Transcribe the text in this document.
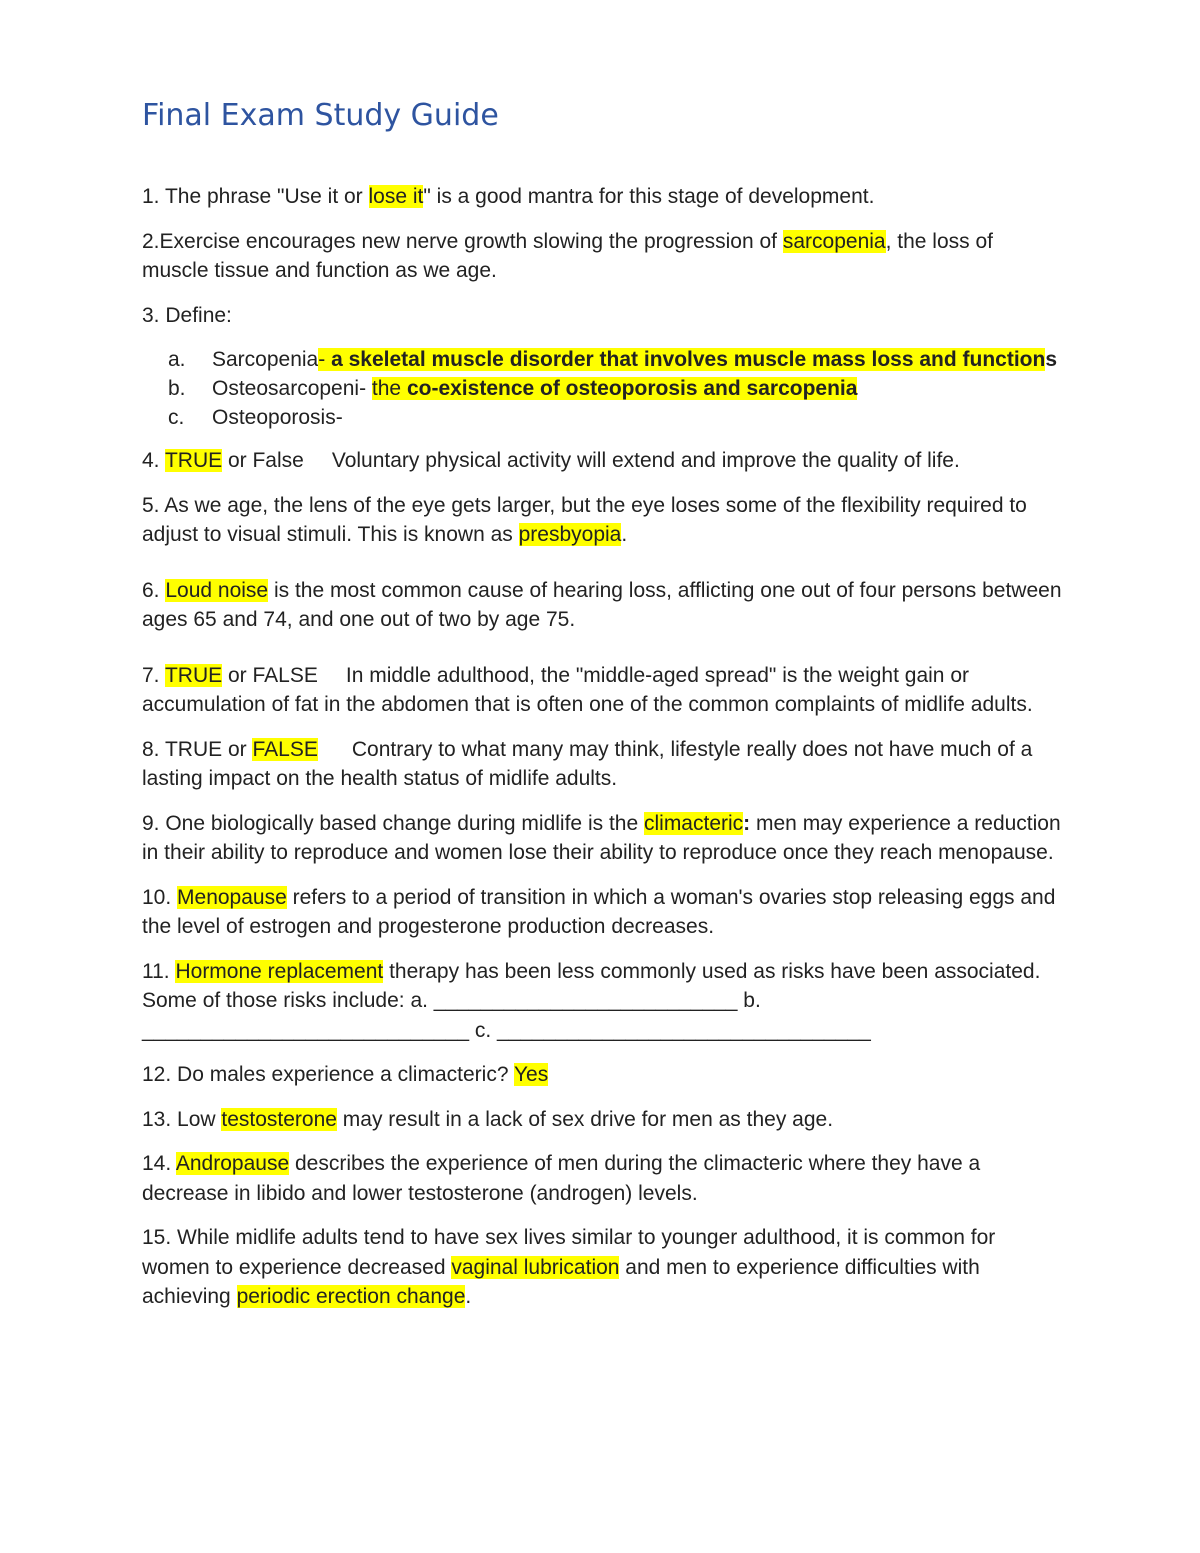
Final Exam Study Guide

1. The phrase "Use it or lose it" is a good mantra for this stage of development.

2.Exercise encourages new nerve growth slowing the progression of sarcopenia, the loss of muscle tissue and function as we age.

3. Define:

a.	Sarcopenia- a skeletal muscle disorder that involves muscle mass loss and functions
b.	Osteosarcopeni- the co-existence of osteoporosis and sarcopenia
c.	Osteoporosis-

4. TRUE or False Voluntary physical activity will extend and improve the quality of life.

5. As we age, the lens of the eye gets larger, but the eye loses some of the flexibility required to adjust to visual stimuli. This is known as presbyopia.

6. Loud noise is the most common cause of hearing loss, afflicting one out of four persons between ages 65 and 74, and one out of two by age 75.

7. TRUE or FALSE In middle adulthood, the "middle-aged spread" is the weight gain or accumulation of fat in the abdomen that is often one of the common complaints of midlife adults.

8. TRUE or FALSE Contrary to what many may think, lifestyle really does not have much of a lasting impact on the health status of midlife adults.

9. One biologically based change during midlife is the climacteric: men may experience a reduction in their ability to reproduce and women lose their ability to reproduce once they reach menopause.

10. Menopause refers to a period of transition in which a woman's ovaries stop releasing eggs and the level of estrogen and progesterone production decreases.

11. Hormone replacement therapy has been less commonly used as risks have been associated. Some of those risks include: a. __________________________ b. ____________________________ c. ________________________________

12. Do males experience a climacteric? Yes

13. Low testosterone may result in a lack of sex drive for men as they age.

14. Andropause describes the experience of men during the climacteric where they have a decrease in libido and lower testosterone (androgen) levels.

15. While midlife adults tend to have sex lives similar to younger adulthood, it is common for women to experience decreased vaginal lubrication and men to experience difficulties with achieving periodic erection change.
